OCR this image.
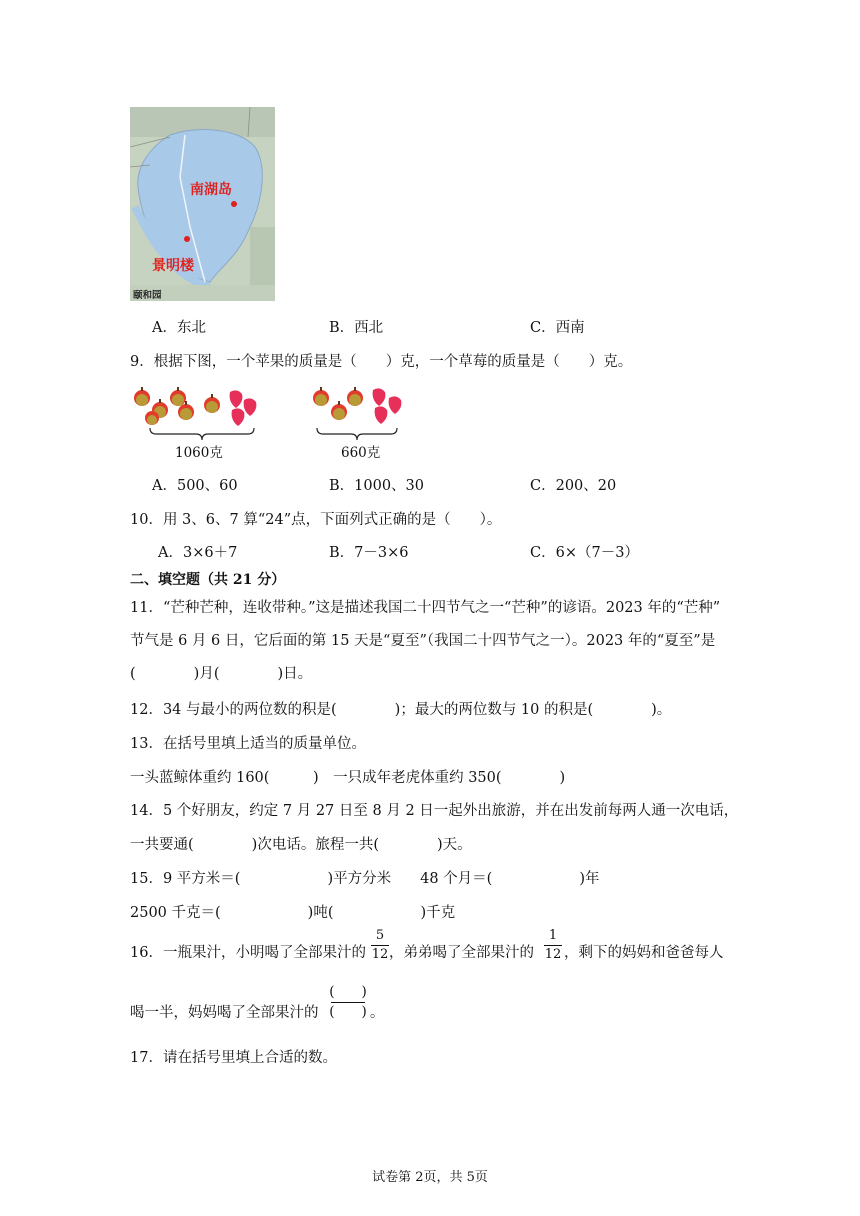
南湖岛
景明楼
颐和园
A．东北	B．西北	C．西南
9．根据下图，一个苹果的质量是（　　）克，一个草莓的质量是（　　）克。
1060克	660克
A．500、60	B．1000、30	C．200、20
10．用 3、6、7 算“24”点，下面列式正确的是（　　）。
A．3×6＋7	B．7－3×6	C．6×（7－3）
二、填空题（共 21 分）
11．“芒种芒种，连收带种。”这是描述我国二十四节气之一“芒种”的谚语。2023 年的“芒种”
节气是 6 月 6 日，它后面的第 15 天是“夏至”（我国二十四节气之一）。2023 年的“夏至”是
(　　　　)月(　　　　)日。
12．34 与最小的两位数的积是(　　　　)；最大的两位数与 10 的积是(　　　　)。
13．在括号里填上适当的质量单位。
一头蓝鲸体重约 160(　　　)　一只成年老虎体重约 350(　　　　)
14．5 个好朋友，约定 7 月 27 日至 8 月 2 日一起外出旅游，并在出发前每两人通一次电话，
一共要通(　　　　)次电话。旅程一共(　　　　)天。
15．9 平方米＝(　　　　　　)平方分米　　48 个月＝(　　　　　　)年
2500 千克＝(　　　　　　)吨(　　　　　　)千克
16．一瓶果汁，小明喝了全部果汁的
5
12 ，弟弟喝了全部果汁的
1
12 ，剩下的妈妈和爸爸每人
喝一半，妈妈喝了全部果汁的
(　　)
(　　) 。
17．请在括号里填上合适的数。
试卷第 2页，共 5页
